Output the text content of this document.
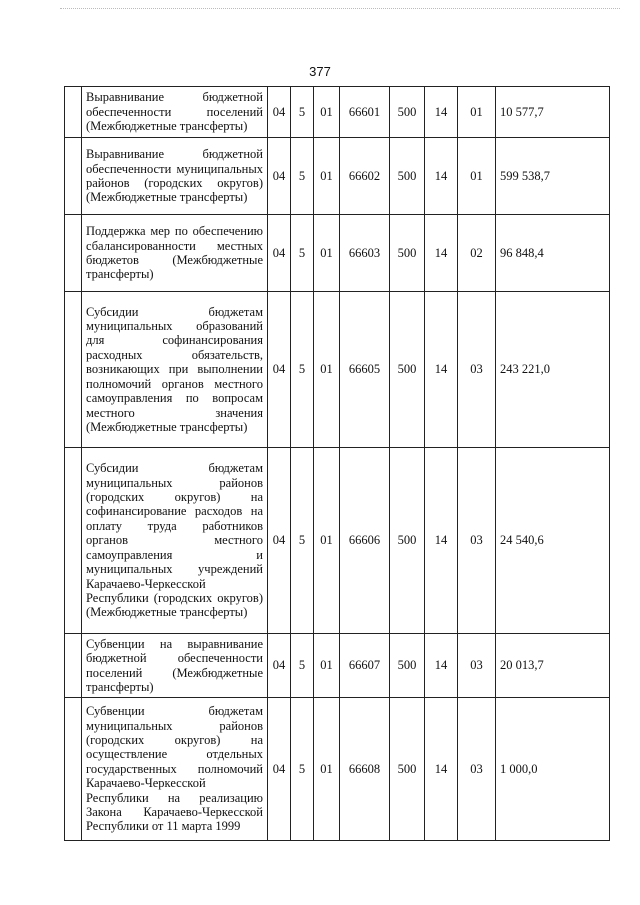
377
	Выравнивание бюджетной обеспеченности поселений (Межбюджетные трансферты)	04	5	01	66601	500	14	01	10 577,7
	Выравнивание бюджетной обеспеченности муниципальных районов (городских округов) (Межбюджетные трансферты)	04	5	01	66602	500	14	01	599 538,7
	Поддержка мер по обеспечению сбалансированности местных бюджетов (Межбюджетные трансферты)	04	5	01	66603	500	14	02	96 848,4
	Субсидии бюджетам муниципальных образований для софинансирования расходных обязательств, возникающих при выполнении полномочий органов местного самоуправления по вопросам местного значения (Межбюджетные трансферты)	04	5	01	66605	500	14	03	243 221,0
	Субсидии бюджетам муниципальных районов (городских округов) на софинансирование расходов на оплату труда работников органов местного самоуправления и муниципальных учреждений Карачаево-Черкесской Республики (городских округов) (Межбюджетные трансферты)	04	5	01	66606	500	14	03	24 540,6
	Субвенции на выравнивание бюджетной обеспеченности поселений (Межбюджетные трансферты)	04	5	01	66607	500	14	03	20 013,7
	Субвенции бюджетам муниципальных районов (городских округов) на осуществление отдельных государственных полномочий Карачаево-Черкесской Республики на реализацию Закона Карачаево-Черкесской Республики от 11 марта 1999	04	5	01	66608	500	14	03	1 000,0
